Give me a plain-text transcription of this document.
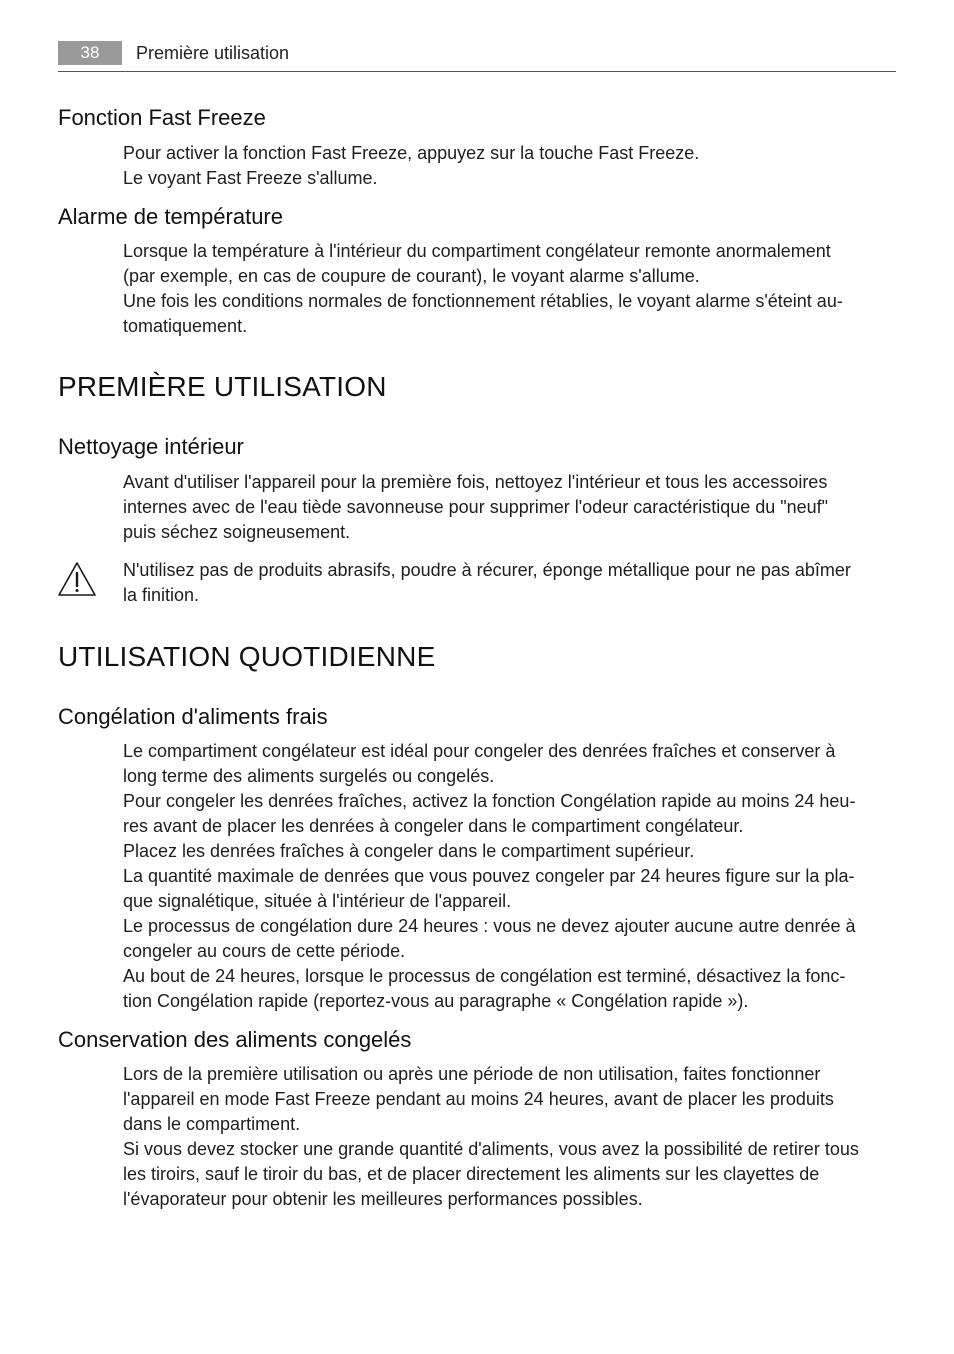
38	Première utilisation
Fonction Fast Freeze
Pour activer la fonction Fast Freeze, appuyez sur la touche Fast Freeze.
Le voyant Fast Freeze s'allume.
Alarme de température
Lorsque la température à l'intérieur du compartiment congélateur remonte anormalement
(par exemple, en cas de coupure de courant), le voyant alarme s'allume.
Une fois les conditions normales de fonctionnement rétablies, le voyant alarme s'éteint au-
tomatiquement.
PREMIÈRE UTILISATION
Nettoyage intérieur
Avant d'utiliser l'appareil pour la première fois, nettoyez l'intérieur et tous les accessoires
internes avec de l'eau tiède savonneuse pour supprimer l'odeur caractéristique du "neuf"
puis séchez soigneusement.
N'utilisez pas de produits abrasifs, poudre à récurer, éponge métallique pour ne pas abîmer
la finition.
UTILISATION QUOTIDIENNE
Congélation d'aliments frais
Le compartiment congélateur est idéal pour congeler des denrées fraîches et conserver à
long terme des aliments surgelés ou congelés.
Pour congeler les denrées fraîches, activez la fonction Congélation rapide au moins 24 heu-
res avant de placer les denrées à congeler dans le compartiment congélateur.
Placez les denrées fraîches à congeler dans le compartiment supérieur.
La quantité maximale de denrées que vous pouvez congeler par 24 heures figure sur la pla-
que signalétique, située à l'intérieur de l'appareil.
Le processus de congélation dure 24 heures : vous ne devez ajouter aucune autre denrée à
congeler au cours de cette période.
Au bout de 24 heures, lorsque le processus de congélation est terminé, désactivez la fonc-
tion Congélation rapide (reportez-vous au paragraphe « Congélation rapide »).
Conservation des aliments congelés
Lors de la première utilisation ou après une période de non utilisation, faites fonctionner
l'appareil en mode Fast Freeze pendant au moins 24 heures, avant de placer les produits
dans le compartiment.
Si vous devez stocker une grande quantité d'aliments, vous avez la possibilité de retirer tous
les tiroirs, sauf le tiroir du bas, et de placer directement les aliments sur les clayettes de
l'évaporateur pour obtenir les meilleures performances possibles.
